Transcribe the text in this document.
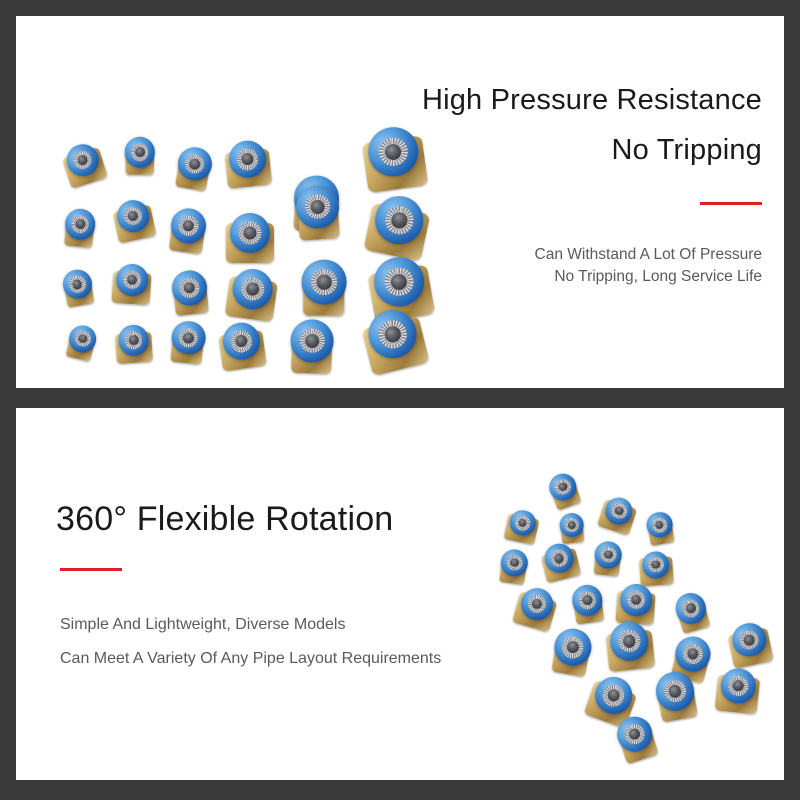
High Pressure Resistance
No Tripping
Can Withstand A Lot Of Pressure
No Tripping, Long Service Life
360° Flexible Rotation
Simple And Lightweight, Diverse Models
Can Meet A Variety Of Any Pipe Layout Requirements
